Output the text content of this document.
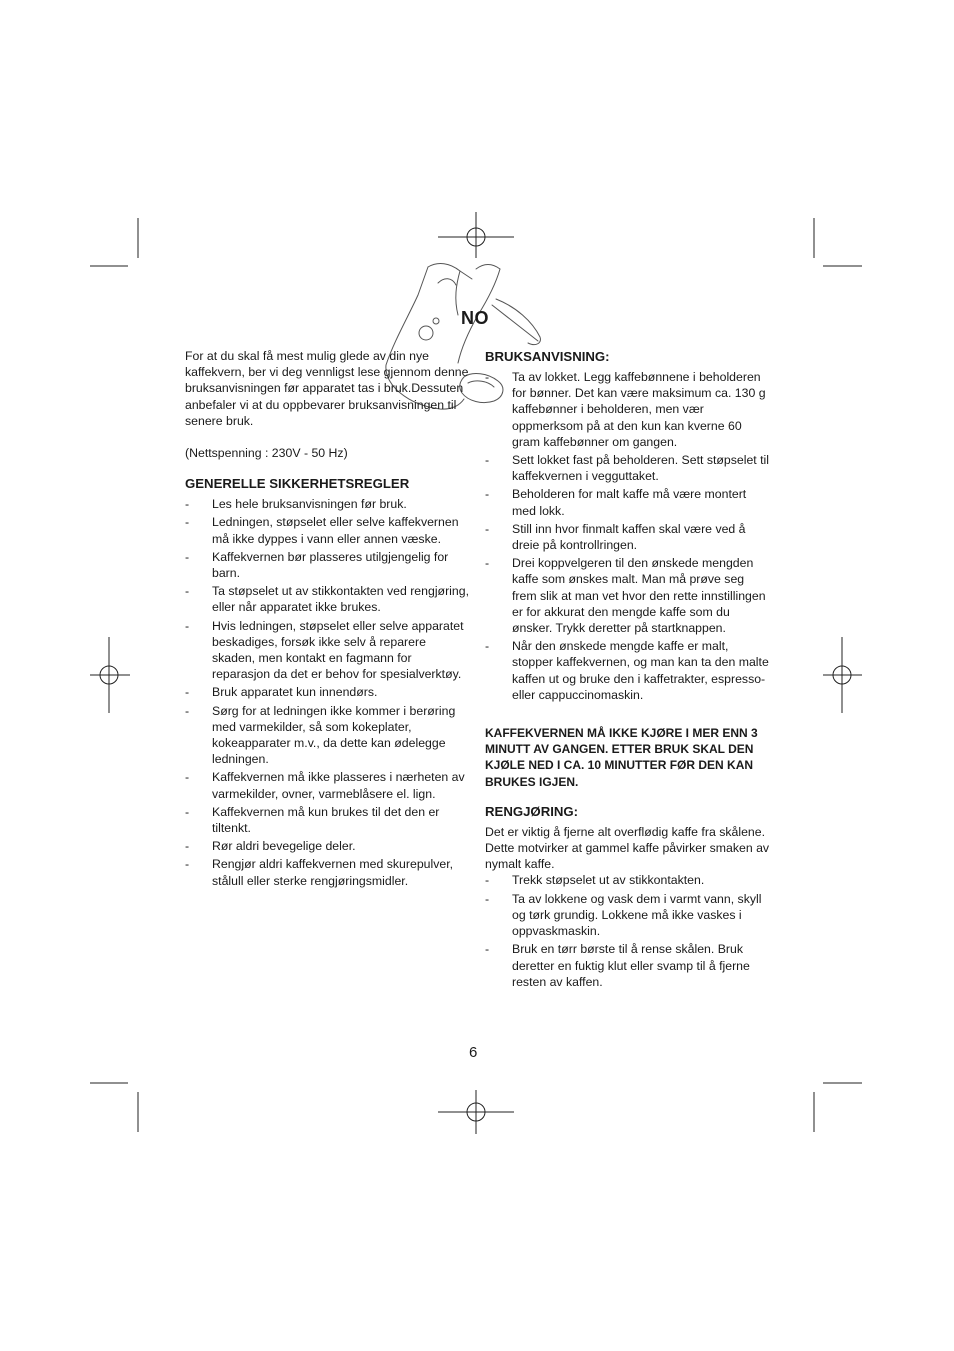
NO

For at du skal få mest mulig glede av din nye kaffekvern, ber vi deg vennligst lese gjennom denne bruksanvisningen før apparatet tas i bruk.Dessuten anbefaler vi at du oppbevarer bruksanvisningen til senere bruk.

(Nettspenning : 230V - 50 Hz)

GENERELLE SIKKERHETSREGLER
- Les hele bruksanvisningen før bruk.
- Ledningen, støpselet eller selve kaffekvernen må ikke dyppes i vann eller annen væske.
- Kaffekvernen bør plasseres utilgjengelig for barn.
- Ta støpselet ut av stikkontakten ved rengjøring, eller når apparatet ikke brukes.
- Hvis ledningen, støpselet eller selve apparatet beskadiges, forsøk ikke selv å reparere skaden, men kontakt en fagmann for reparasjon da det er behov for spesialverktøy.
- Bruk apparatet kun innendørs.
- Sørg for at ledningen ikke kommer i berøring med varmekilder, så som kokeplater, kokeapparater m.v., da dette kan ødelegge ledningen.
- Kaffekvernen må ikke plasseres i nærheten av varmekilder, ovner, varmeblåsere el. lign.
- Kaffekvernen må kun brukes til det den er tiltenkt.
- Rør aldri bevegelige deler.
- Rengjør aldri kaffekvernen med skurepulver, stålull eller sterke rengjøringsmidler.
BRUKSANVISNING:
- Ta av lokket. Legg kaffebønnene i beholderen for bønner. Det kan være maksimum ca. 130 g kaffebønner i beholderen, men vær oppmerksom på at den kun kan kverne 60 gram kaffebønner om gangen.
- Sett lokket fast på beholderen. Sett støpselet til kaffekvernen i vegguttaket.
- Beholderen for malt kaffe må være montert med lokk.
- Still inn hvor finmalt kaffen skal være ved å dreie på kontrollringen.
- Drei koppvelgeren til den ønskede mengden kaffe som ønskes malt. Man må prøve seg frem slik at man vet hvor den rette innstillingen er for akkurat den mengde kaffe som du ønsker. Trykk deretter på startknappen.
- Når den ønskede mengde kaffe er malt, stopper kaffekvernen, og man kan ta den malte kaffen ut og bruke den i kaffetrakter, espresso- eller cappuccinomaskin.

KAFFEKVERNEN MÅ IKKE KJØRE I MER ENN 3 MINUTT AV GANGEN. ETTER BRUK SKAL DEN KJØLE NED I CA. 10 MINUTTER FØR DEN KAN BRUKES IGJEN.

RENGJØRING:

Det er viktig å fjerne alt overflødig kaffe fra skålene. Dette motvirker at gammel kaffe påvirker smaken av nymalt kaffe.

- Trekk støpselet ut av stikkontakten.
- Ta av lokkene og vask dem i varmt vann, skyll og tørk grundig. Lokkene må ikke vaskes i oppvaskmaskin.
- Bruk en tørr børste til å rense skålen. Bruk deretter en fuktig klut eller svamp til å fjerne resten av kaffen.
6
